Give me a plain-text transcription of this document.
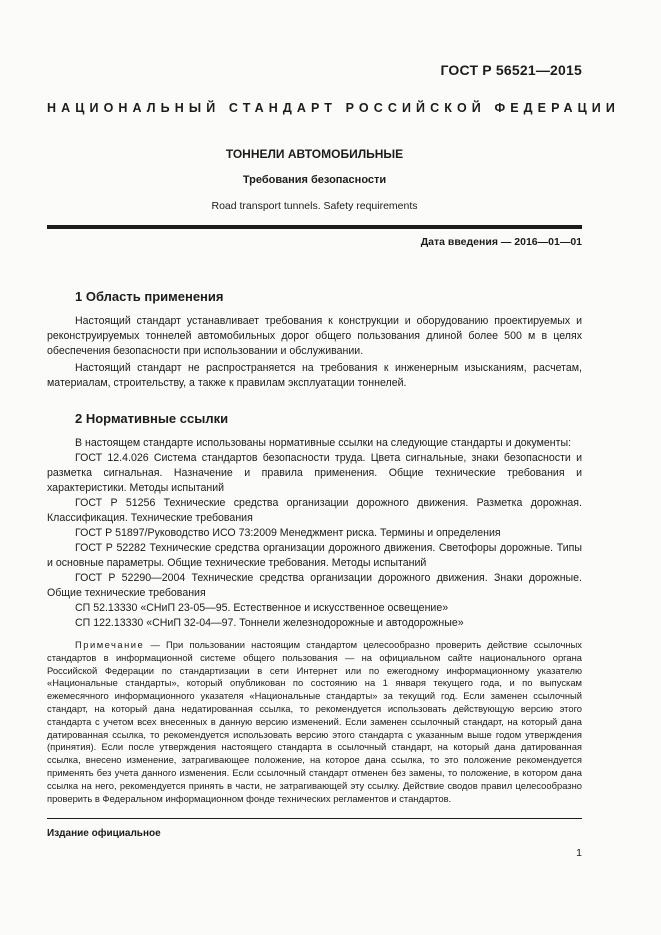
ГОСТ Р 56521—2015
НАЦИОНАЛЬНЫЙ СТАНДАРТ РОССИЙСКОЙ ФЕДЕРАЦИИ
ТОННЕЛИ АВТОМОБИЛЬНЫЕ
Требования безопасности
Road transport tunnels. Safety requirements
Дата введения — 2016—01—01
1 Область применения

Настоящий стандарт устанавливает требования к конструкции и оборудованию проектируемых и реконструируемых тоннелей автомобильных дорог общего пользования длиной более 500 м в целях обеспечения безопасности при использовании и обслуживании.

Настоящий стандарт не распространяется на требования к инженерным изысканиям, расчетам, материалам, строительству, а также к правилам эксплуатации тоннелей.

2 Нормативные ссылки

В настоящем стандарте использованы нормативные ссылки на следующие стандарты и документы:

ГОСТ 12.4.026 Система стандартов безопасности труда. Цвета сигнальные, знаки безопасности и разметка сигнальная. Назначение и правила применения. Общие технические требования и характеристики. Методы испытаний

ГОСТ Р 51256 Технические средства организации дорожного движения. Разметка дорожная. Классификация. Технические требования

ГОСТ Р 51897/Руководство ИСО 73:2009 Менеджмент риска. Термины и определения

ГОСТ Р 52282 Технические средства организации дорожного движения. Светофоры дорожные. Типы и основные параметры. Общие технические требования. Методы испытаний

ГОСТ Р 52290—2004 Технические средства организации дорожного движения. Знаки дорожные. Общие технические требования

СП 52.13330 «СНиП 23-05—95. Естественное и искусственное освещение»

СП 122.13330 «СНиП 32-04—97. Тоннели железнодорожные и автодорожные»

Примечание — При пользовании настоящим стандартом целесообразно проверить действие ссылочных стандартов в информационной системе общего пользования — на официальном сайте национального органа Российской Федерации по стандартизации в сети Интернет или по ежегодному информационному указателю «Национальные стандарты», который опубликован по состоянию на 1 января текущего года, и по выпускам ежемесячного информационного указателя «Национальные стандарты» за текущий год. Если заменен ссылочный стандарт, на который дана недатированная ссылка, то рекомендуется использовать действующую версию этого стандарта с учетом всех внесенных в данную версию изменений. Если заменен ссылочный стандарт, на который дана датированная ссылка, то рекомендуется использовать версию этого стандарта с указанным выше годом утверждения (принятия). Если после утверждения настоящего стандарта в ссылочный стандарт, на который дана датированная ссылка, внесено изменение, затрагивающее положение, на которое дана ссылка, то это положение рекомендуется применять без учета данного изменения. Если ссылочный стандарт отменен без замены, то положение, в котором дана ссылка на него, рекомендуется принять в части, не затрагивающей эту ссылку. Действие сводов правил целесообразно проверить в Федеральном информационном фонде технических регламентов и стандартов.
Издание официальное
1
